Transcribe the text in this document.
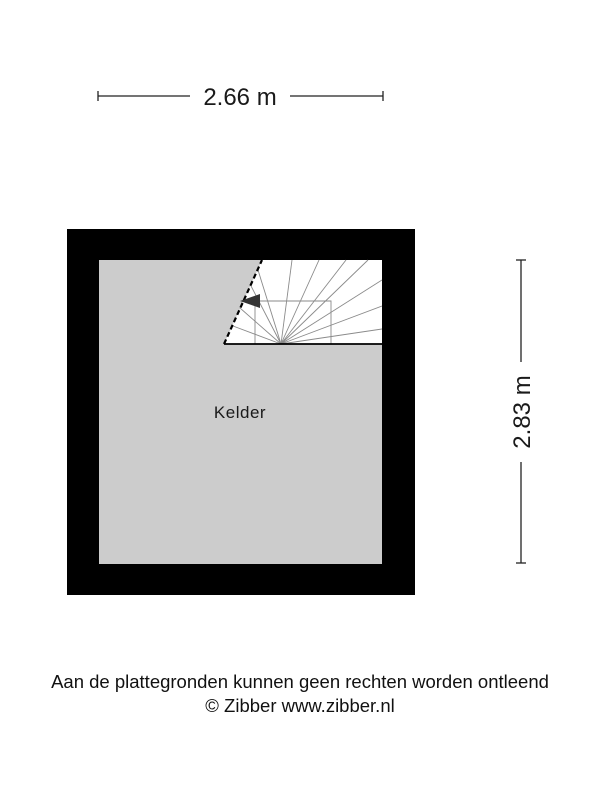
2.66 m
2.83 m
Kelder
Aan de plattegronden kunnen geen rechten worden ontleend
© Zibber www.zibber.nl
